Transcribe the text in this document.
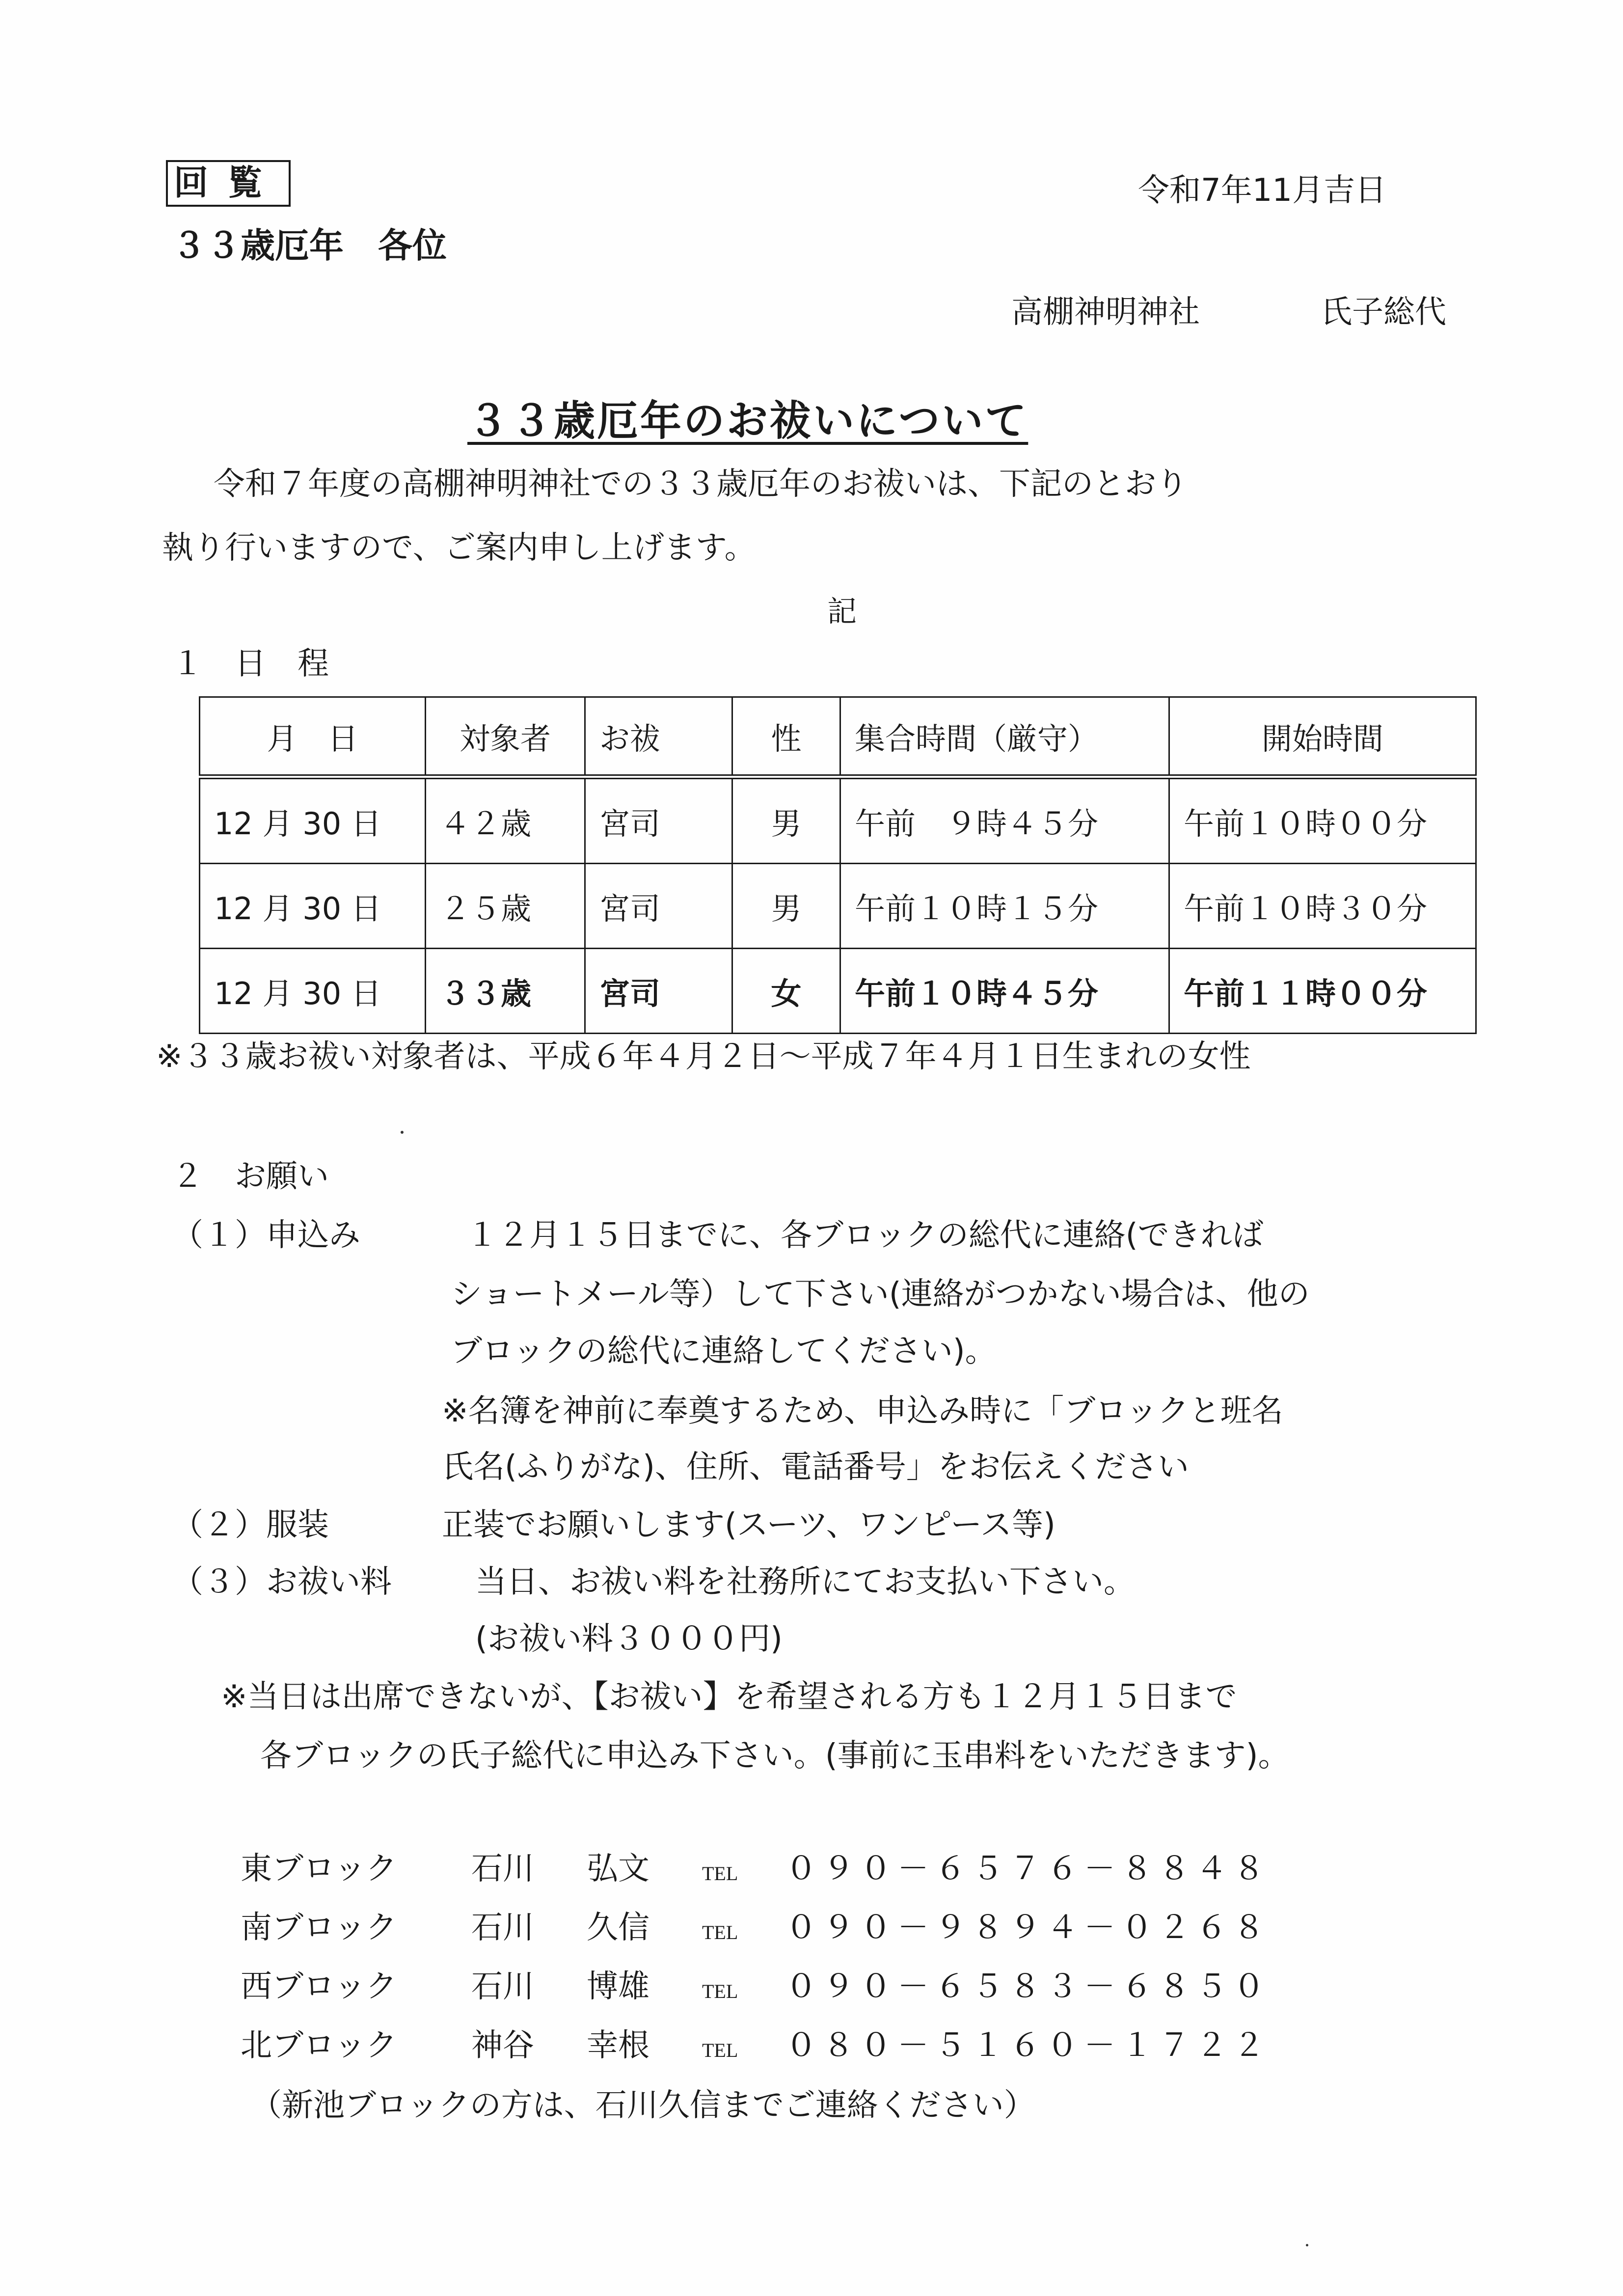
回覧	令和7年11月吉日
３３歳厄年　各位
高棚神明神社	氏子総代
３３歳厄年のお祓いについて
令和７年度の高棚神明神社での３３歳厄年のお祓いは、下記のとおり
執り行いますので、ご案内申し上げます。
記
１　日　程
月　日	対象者	お祓	性	集合時間（厳守）	開始時間
12 月 30 日	４２歳	宮司	男	午前　９時４５分	午前１０時００分
12 月 30 日	２５歳	宮司	男	午前１０時１５分	午前１０時３０分
12 月 30 日	３３歳	宮司	女	午前１０時４５分	午前１１時００分
※３３歳お祓い対象者は、平成６年４月２日～平成７年４月１日生まれの女性
２　お願い
（１）申込み	１２月１５日までに、各ブロックの総代に連絡(できれば
ショートメール等）して下さい(連絡がつかない場合は、他の
ブロックの総代に連絡してください)。
※名簿を神前に奉奠するため、申込み時に「ブロックと班名
氏名(ふりがな)、住所、電話番号」をお伝えください
（２）服装	正装でお願いします(スーツ、ワンピース等)
（３）お祓い料	当日、お祓い料を社務所にてお支払い下さい。
(お祓い料３０００円)
※当日は出席できないが、【お祓い】を希望される方も１２月１５日まで
各ブロックの氏子総代に申込み下さい。(事前に玉串料をいただきます)。
東ブロック 石川 弘文	TEL ０９０－６５７６－８８４８
南ブロック 石川 久信	TEL ０９０－９８９４－０２６８
西ブロック 石川 博雄	TEL ０９０－６５８３－６８５０
北ブロック 神谷 幸根	TEL ０８０－５１６０－１７２２
（新池ブロックの方は、石川久信までご連絡ください）
